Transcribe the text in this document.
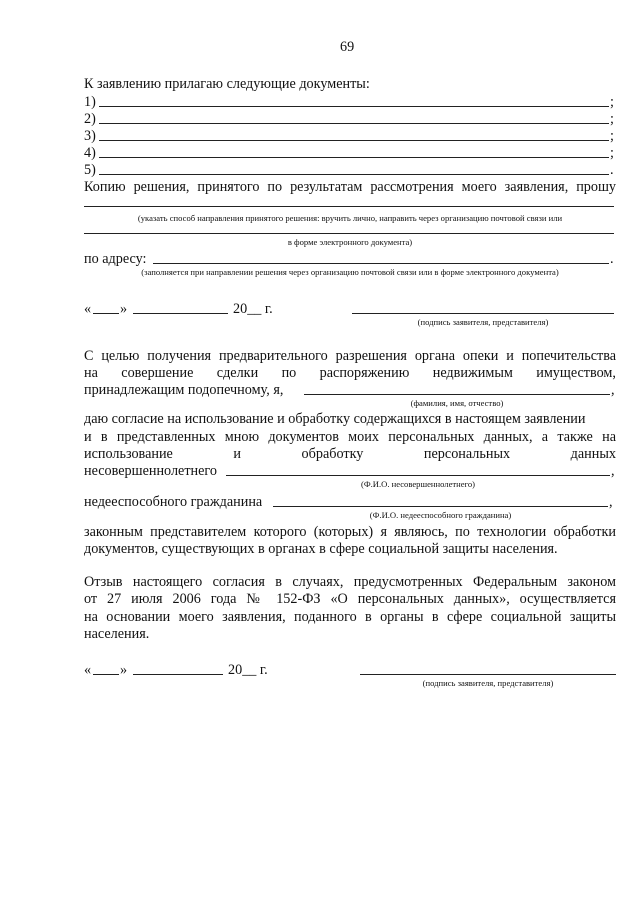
69
К заявлению прилагаю следующие документы:
1)	;
2)	;
3)	;
4)	;
5)	.
Копию решения, принятого по результатам рассмотрения моего заявления, прошу
(указать способ направления принятого решения: вручить лично, направить через организацию почтовой связи или
в форме электронного документа)
по адресу:	.
(заполняется при направлении решения через организацию почтовой связи или в форме электронного документа)
« »	20__ г.
(подпись заявителя, представителя)
С целью получения предварительного разрешения органа опеки и попечительства
на совершение сделки по распоряжению недвижимым имуществом,
принадлежащим подопечному, я,	,
(фамилия, имя, отчество)
даю согласие на использование и обработку содержащихся в настоящем заявлении
и в представленных мною документов моих персональных данных, а также на
использование	и	обработку	персональных	данных
несовершеннолетнего	,
(Ф.И.О. несовершеннолетнего)
недееспособного гражданина	,
(Ф.И.О. недееспособного гражданина)
законным представителем которого (которых) я являюсь, по технологии обработки
документов, существующих в органах в сфере социальной защиты населения.
Отзыв настоящего согласия в случаях, предусмотренных Федеральным законом
от 27 июля 2006 года № 152-ФЗ «О персональных данных», осуществляется
на основании моего заявления, поданного в органы в сфере социальной защиты
населения.
« »	20__ г.
(подпись заявителя, представителя)
